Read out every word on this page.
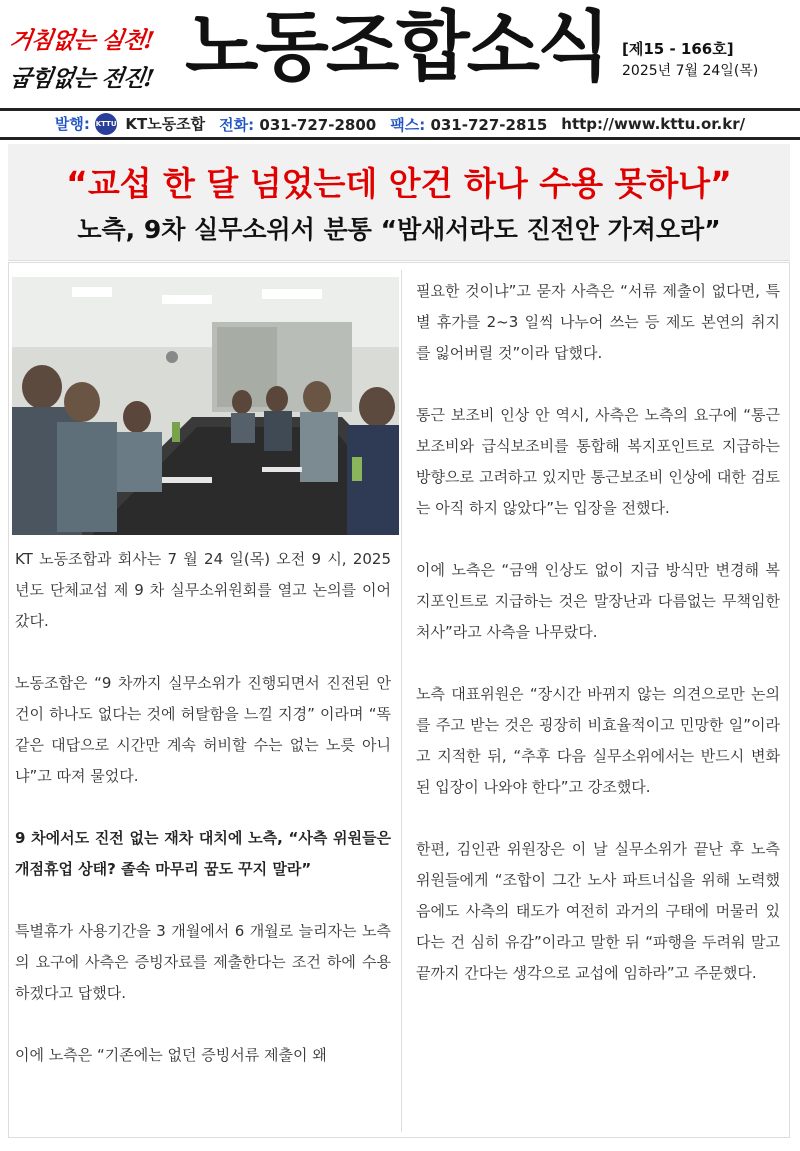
거침없는 실천!
굽힘없는 전진! 노동조합소식 [제15 - 166호]
2025년 7월 24일(목)
발행: KTTU KT노동조합 전화: 031-727-2800 팩스: 031-727-2815 http://www.kttu.or.kr/
“교섭 한 달 넘었는데 안건 하나 수용 못하나”
노측, 9차 실무소위서 분통 “밤새서라도 진전안 가져오라”

KT 노동조합과 회사는 7 월 24 일(목) 오전 9 시, 2025 년도 단체교섭 제 9 차 실무소위원회를 열고 논의를 이어갔다.

노동조합은 “9 차까지 실무소위가 진행되면서 진전된 안건이 하나도 없다는 것에 허탈함을 느낄 지경” 이라며 “똑같은 대답으로 시간만 계속 허비할 수는 없는 노릇 아니냐”고 따져 물었다.

9 차에서도 진전 없는 재차 대치에 노측, “사측 위원들은 개점휴업 상태? 졸속 마무리 꿈도 꾸지 말라”

특별휴가 사용기간을 3 개월에서 6 개월로 늘리자는 노측의 요구에 사측은 증빙자료를 제출한다는 조건 하에 수용하겠다고 답했다.

이에 노측은 “기존에는 없던 증빙서류 제출이 왜

필요한 것이냐”고 묻자 사측은 “서류 제출이 없다면, 특별 휴가를 2~3 일씩 나누어 쓰는 등 제도 본연의 취지를 잃어버릴 것”이라 답했다.

통근 보조비 인상 안 역시, 사측은 노측의 요구에 “통근보조비와 급식보조비를 통합해 복지포인트로 지급하는 방향으로 고려하고 있지만 통근보조비 인상에 대한 검토는 아직 하지 않았다”는 입장을 전했다.

이에 노측은 “금액 인상도 없이 지급 방식만 변경해 복지포인트로 지급하는 것은 말장난과 다름없는 무책임한 처사”라고 사측을 나무랐다.

노측 대표위원은 “장시간 바뀌지 않는 의견으로만 논의를 주고 받는 것은 굉장히 비효율적이고 민망한 일”이라고 지적한 뒤, “추후 다음 실무소위에서는 반드시 변화된 입장이 나와야 한다”고 강조했다.

한편, 김인관 위원장은 이 날 실무소위가 끝난 후 노측 위원들에게 “조합이 그간 노사 파트너십을 위해 노력했음에도 사측의 태도가 여전히 과거의 구태에 머물러 있다는 건 심히 유감”이라고 말한 뒤 “파행을 두려워 말고 끝까지 간다는 생각으로 교섭에 임하라”고 주문했다.
